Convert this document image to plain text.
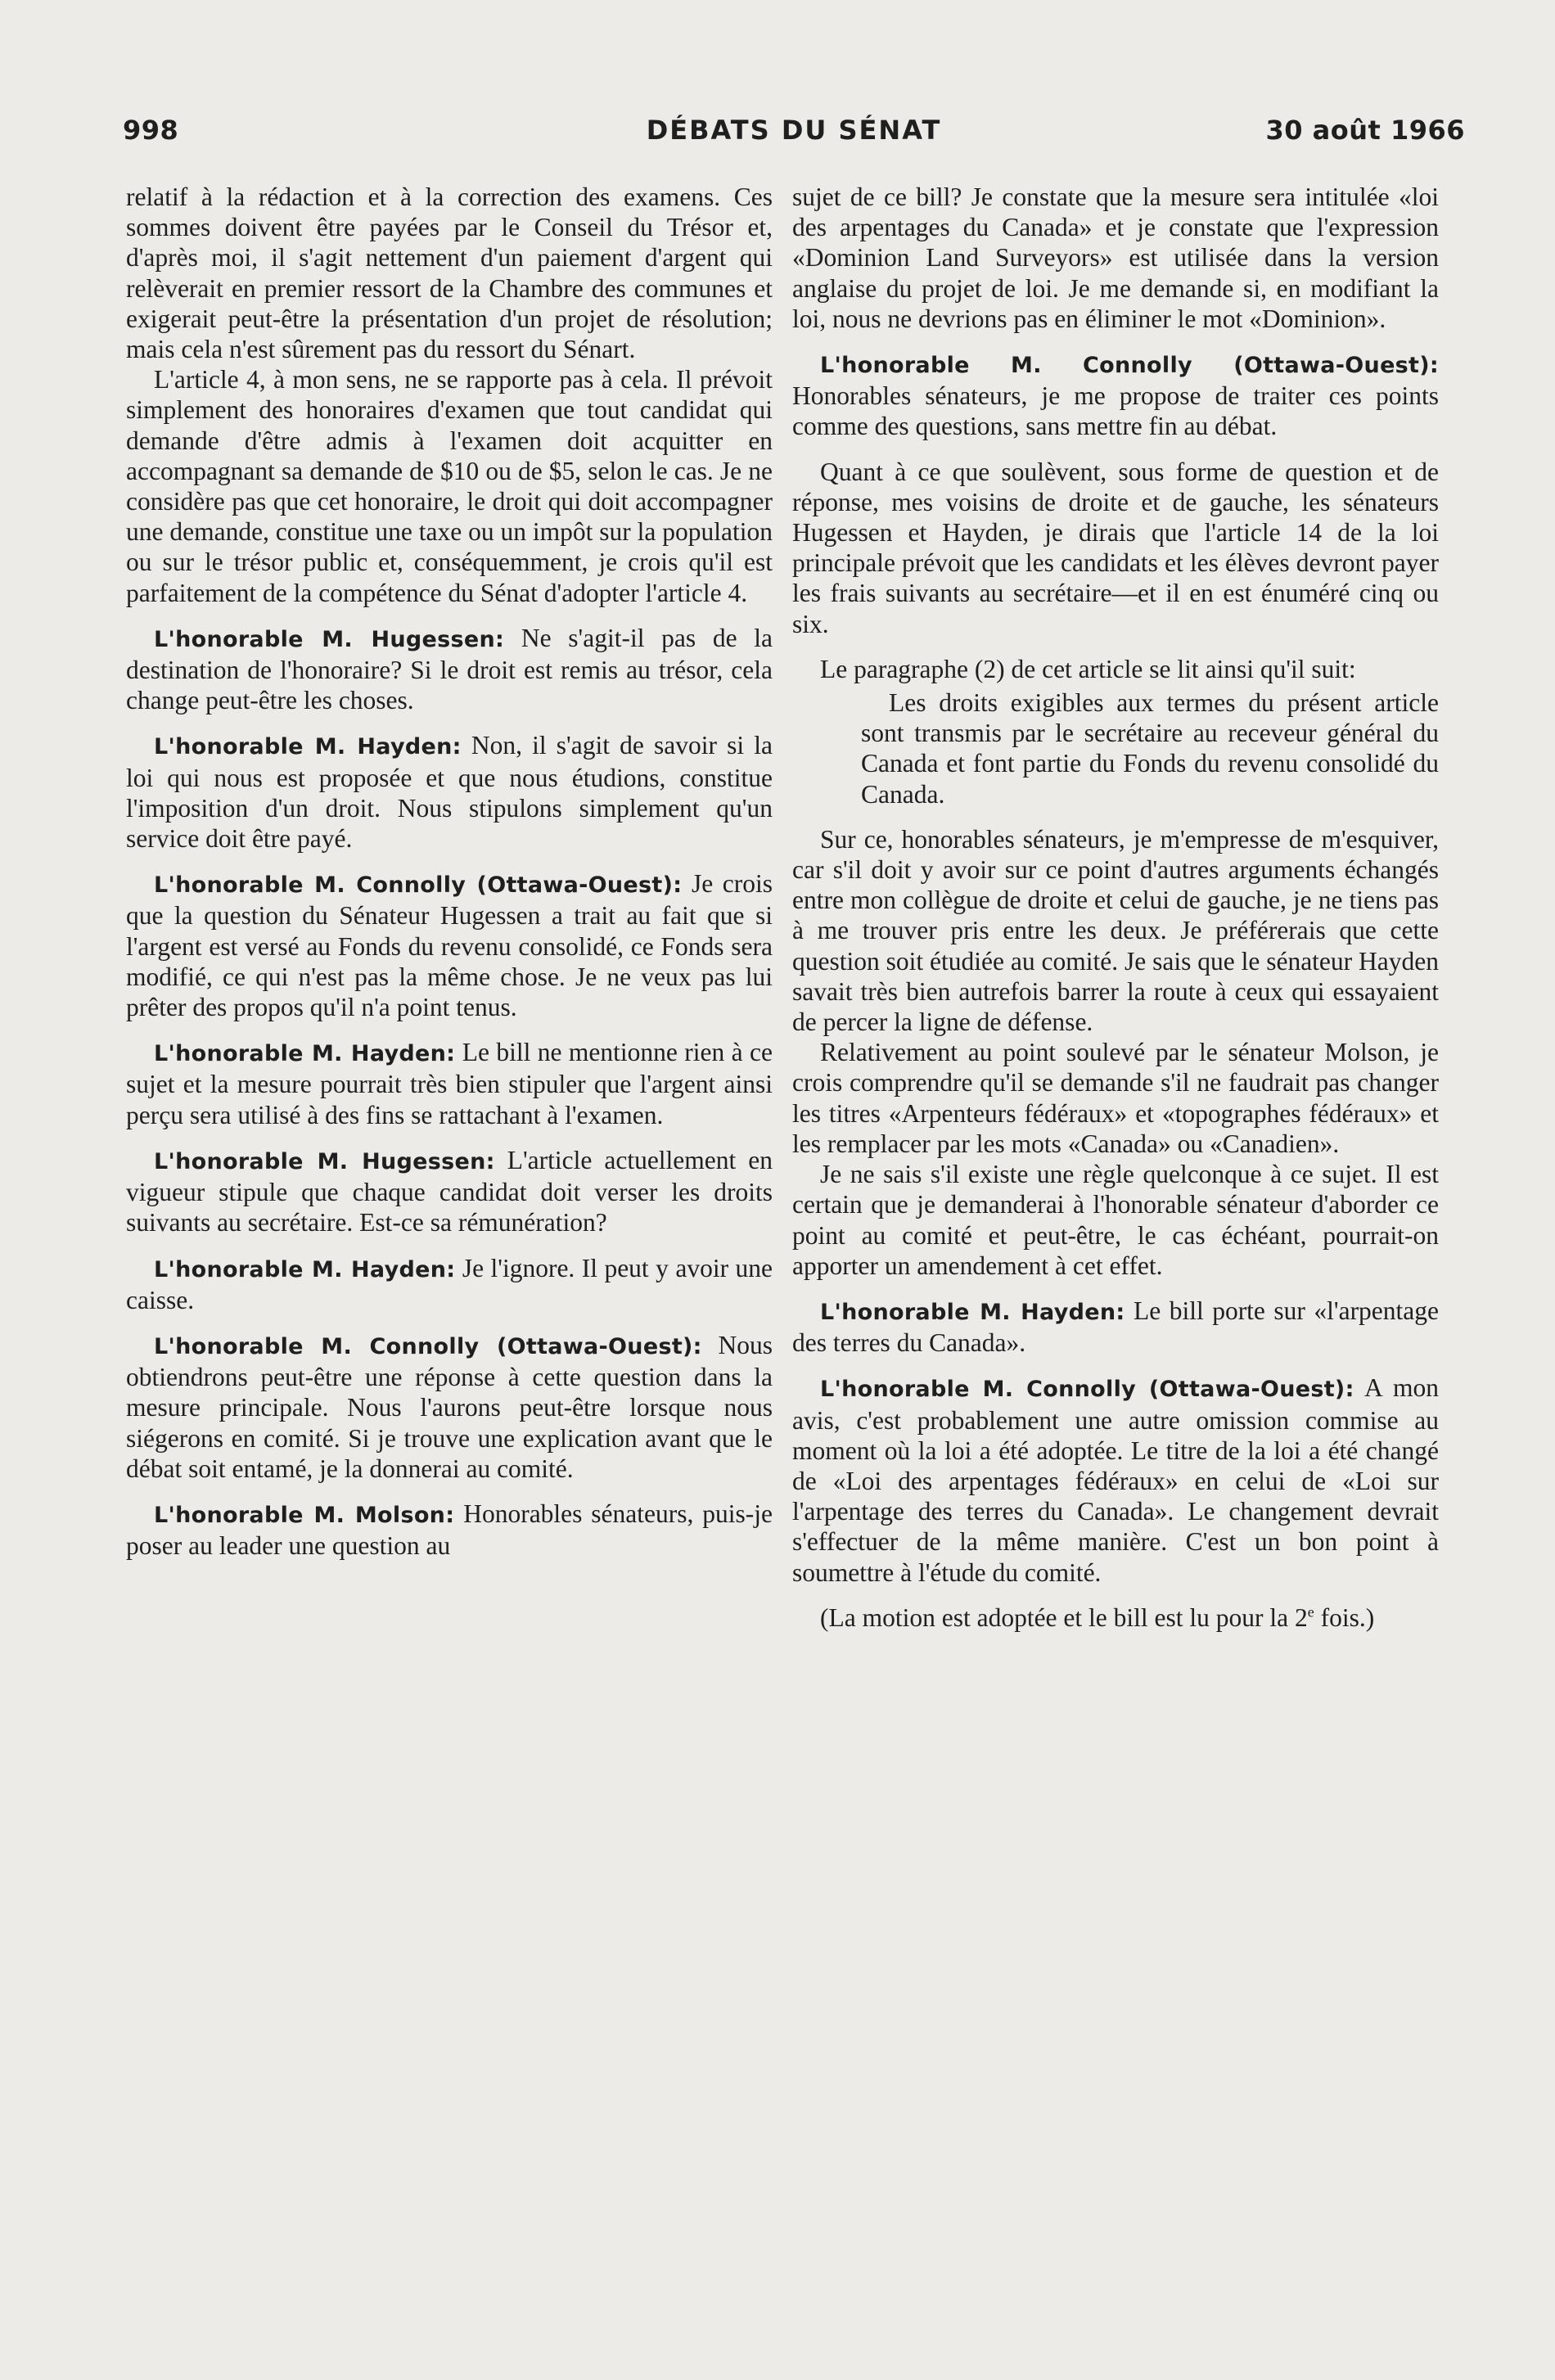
DÉBATS DU SÉNAT
998	30 août 1966

relatif à la rédaction et à la correction des examens. Ces sommes doivent être payées par le Conseil du Trésor et, d'après moi, il s'agit nettement d'un paiement d'argent qui relèverait en premier ressort de la Chambre des communes et exigerait peut-être la présentation d'un projet de résolution; mais cela n'est sûrement pas du ressort du Sénart.

L'article 4, à mon sens, ne se rapporte pas à cela. Il prévoit simplement des honoraires d'examen que tout candidat qui demande d'être admis à l'examen doit acquitter en accompagnant sa demande de $10 ou de $5, selon le cas. Je ne considère pas que cet honoraire, le droit qui doit accompagner une demande, constitue une taxe ou un impôt sur la population ou sur le trésor public et, conséquemment, je crois qu'il est parfaitement de la compétence du Sénat d'adopter l'article 4.

L'honorable M. Hugessen: Ne s'agit-il pas de la destination de l'honoraire? Si le droit est remis au trésor, cela change peut-être les choses.

L'honorable M. Hayden: Non, il s'agit de savoir si la loi qui nous est proposée et que nous étudions, constitue l'imposition d'un droit. Nous stipulons simplement qu'un service doit être payé.

L'honorable M. Connolly (Ottawa-Ouest): Je crois que la question du Sénateur Hugessen a trait au fait que si l'argent est versé au Fonds du revenu consolidé, ce Fonds sera modifié, ce qui n'est pas la même chose. Je ne veux pas lui prêter des propos qu'il n'a point tenus.

L'honorable M. Hayden: Le bill ne mentionne rien à ce sujet et la mesure pourrait très bien stipuler que l'argent ainsi perçu sera utilisé à des fins se rattachant à l'examen.

L'honorable M. Hugessen: L'article actuellement en vigueur stipule que chaque candidat doit verser les droits suivants au secrétaire. Est-ce sa rémunération?

L'honorable M. Hayden: Je l'ignore. Il peut y avoir une caisse.

L'honorable M. Connolly (Ottawa-Ouest): Nous obtiendrons peut-être une réponse à cette question dans la mesure principale. Nous l'aurons peut-être lorsque nous siégerons en comité. Si je trouve une explication avant que le débat soit entamé, je la donnerai au comité.

L'honorable M. Molson: Honorables sénateurs, puis-je poser au leader une question au

sujet de ce bill? Je constate que la mesure sera intitulée «loi des arpentages du Canada» et je constate que l'expression «Dominion Land Surveyors» est utilisée dans la version anglaise du projet de loi. Je me demande si, en modifiant la loi, nous ne devrions pas en éliminer le mot «Dominion».

L'honorable M. Connolly (Ottawa-Ouest): Honorables sénateurs, je me propose de traiter ces points comme des questions, sans mettre fin au débat.

Quant à ce que soulèvent, sous forme de question et de réponse, mes voisins de droite et de gauche, les sénateurs Hugessen et Hayden, je dirais que l'article 14 de la loi principale prévoit que les candidats et les élèves devront payer les frais suivants au secrétaire—et il en est énuméré cinq ou six.

Le paragraphe (2) de cet article se lit ainsi qu'il suit:

Les droits exigibles aux termes du présent article sont transmis par le secrétaire au receveur général du Canada et font partie du Fonds du revenu consolidé du Canada.

Sur ce, honorables sénateurs, je m'empresse de m'esquiver, car s'il doit y avoir sur ce point d'autres arguments échangés entre mon collègue de droite et celui de gauche, je ne tiens pas à me trouver pris entre les deux. Je préférerais que cette question soit étudiée au comité. Je sais que le sénateur Hayden savait très bien autrefois barrer la route à ceux qui essayaient de percer la ligne de défense.

Relativement au point soulevé par le sénateur Molson, je crois comprendre qu'il se demande s'il ne faudrait pas changer les titres «Arpenteurs fédéraux» et «topographes fédéraux» et les remplacer par les mots «Canada» ou «Canadien».

Je ne sais s'il existe une règle quelconque à ce sujet. Il est certain que je demanderai à l'honorable sénateur d'aborder ce point au comité et peut-être, le cas échéant, pourrait-on apporter un amendement à cet effet.

L'honorable M. Hayden: Le bill porte sur «l'arpentage des terres du Canada».

L'honorable M. Connolly (Ottawa-Ouest): A mon avis, c'est probablement une autre omission commise au moment où la loi a été adoptée. Le titre de la loi a été changé de «Loi des arpentages fédéraux» en celui de «Loi sur l'arpentage des terres du Canada». Le changement devrait s'effectuer de la même manière. C'est un bon point à soumettre à l'étude du comité.

(La motion est adoptée et le bill est lu pour la 2e fois.)
